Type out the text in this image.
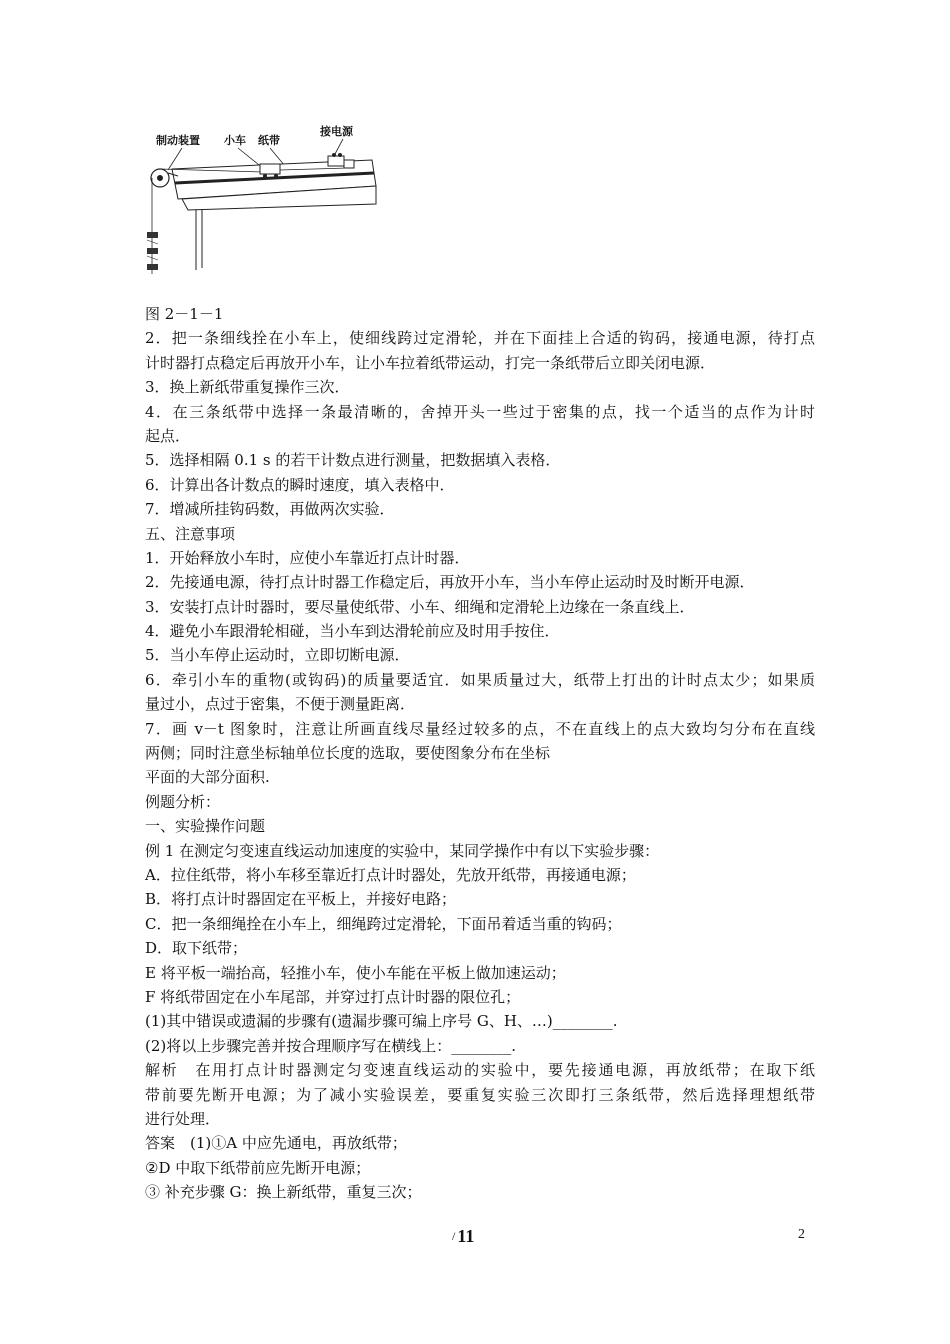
制动装置 小车 纸带
接电源
图 2－1－1
2．把一条细线拴在小车上，使细线跨过定滑轮，并在下面挂上合适的钩码，接通电源，待打点
计时器打点稳定后再放开小车，让小车拉着纸带运动，打完一条纸带后立即关闭电源．
3．换上新纸带重复操作三次．
4．在三条纸带中选择一条最清晰的，舍掉开头一些过于密集的点，找一个适当的点作为计时
起点．
5．选择相隔 0.1 s 的若干计数点进行测量，把数据填入表格．
6．计算出各计数点的瞬时速度，填入表格中．
7．增减所挂钩码数，再做两次实验．
五、注意事项
1．开始释放小车时，应使小车靠近打点计时器．
2．先接通电源，待打点计时器工作稳定后，再放开小车，当小车停止运动时及时断开电源．
3．安装打点计时器时，要尽量使纸带、小车、细绳和定滑轮上边缘在一条直线上．
4．避免小车跟滑轮相碰，当小车到达滑轮前应及时用手按住．
5．当小车停止运动时，立即切断电源．
6．牵引小车的重物(或钩码)的质量要适宜．如果质量过大，纸带上打出的计时点太少；如果质
量过小，点过于密集，不便于测量距离．
7．画 v－t 图象时，注意让所画直线尽量经过较多的点，不在直线上的点大致均匀分布在直线
两侧；同时注意坐标轴单位长度的选取，要使图象分布在坐标
平面的大部分面积.
例题分析：
一、实验操作问题
例 1 在测定匀变速直线运动加速度的实验中，某同学操作中有以下实验步骤：
A．拉住纸带，将小车移至靠近打点计时器处，先放开纸带，再接通电源；
B．将打点计时器固定在平板上，并接好电路；
C．把一条细绳拴在小车上，细绳跨过定滑轮，下面吊着适当重的钩码；
D．取下纸带；
E 将平板一端抬高，轻推小车，使小车能在平板上做加速运动；
F 将纸带固定在小车尾部，并穿过打点计时器的限位孔；
(1)其中错误或遗漏的步骤有(遗漏步骤可编上序号 G、H、…)________.
(2)将以上步骤完善并按合理顺序写在横线上：________.
解析　在用打点计时器测定匀变速直线运动的实验中，要先接通电源，再放纸带；在取下纸
带前要先断开电源；为了减小实验误差，要重复实验三次即打三条纸带，然后选择理想纸带
进行处理．
答案　(1)①A 中应先通电，再放纸带；
②D 中取下纸带前应先断开电源；
③ 补充步骤 G：换上新纸带，重复三次；
/ 11	2
